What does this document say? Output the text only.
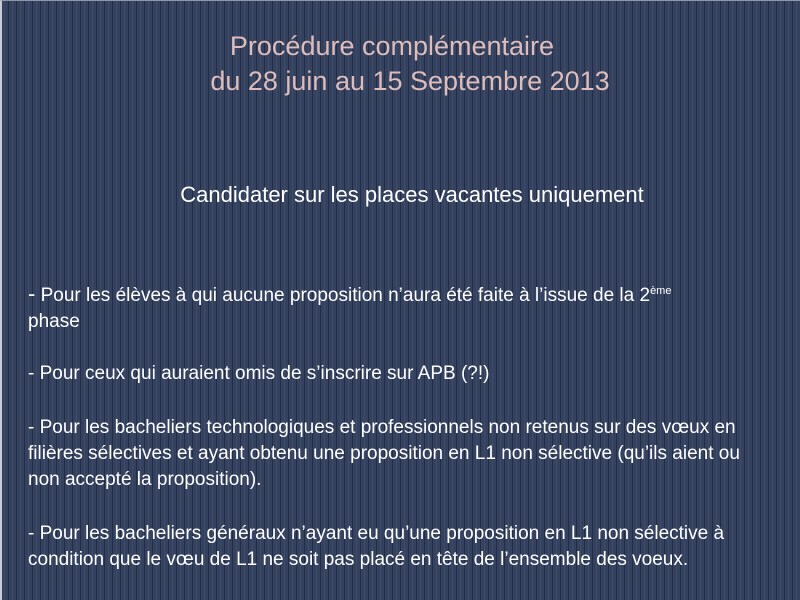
Procédure complémentaire
du 28 juin au 15 Septembre 2013
Candidater sur les places vacantes uniquement
- Pour les élèves à qui aucune proposition n’aura été faite à l’issue de la 2ème
phase
- Pour ceux qui auraient omis de s’inscrire sur APB (?!)
- Pour les bacheliers technologiques et professionnels non retenus sur des vœux en filières sélectives et ayant obtenu une proposition en L1 non sélective (qu’ils aient ou non accepté la proposition).
- Pour les bacheliers généraux n’ayant eu qu’une proposition en L1 non sélective à condition que le vœu de L1 ne soit pas placé en tête de l’ensemble des voeux.
